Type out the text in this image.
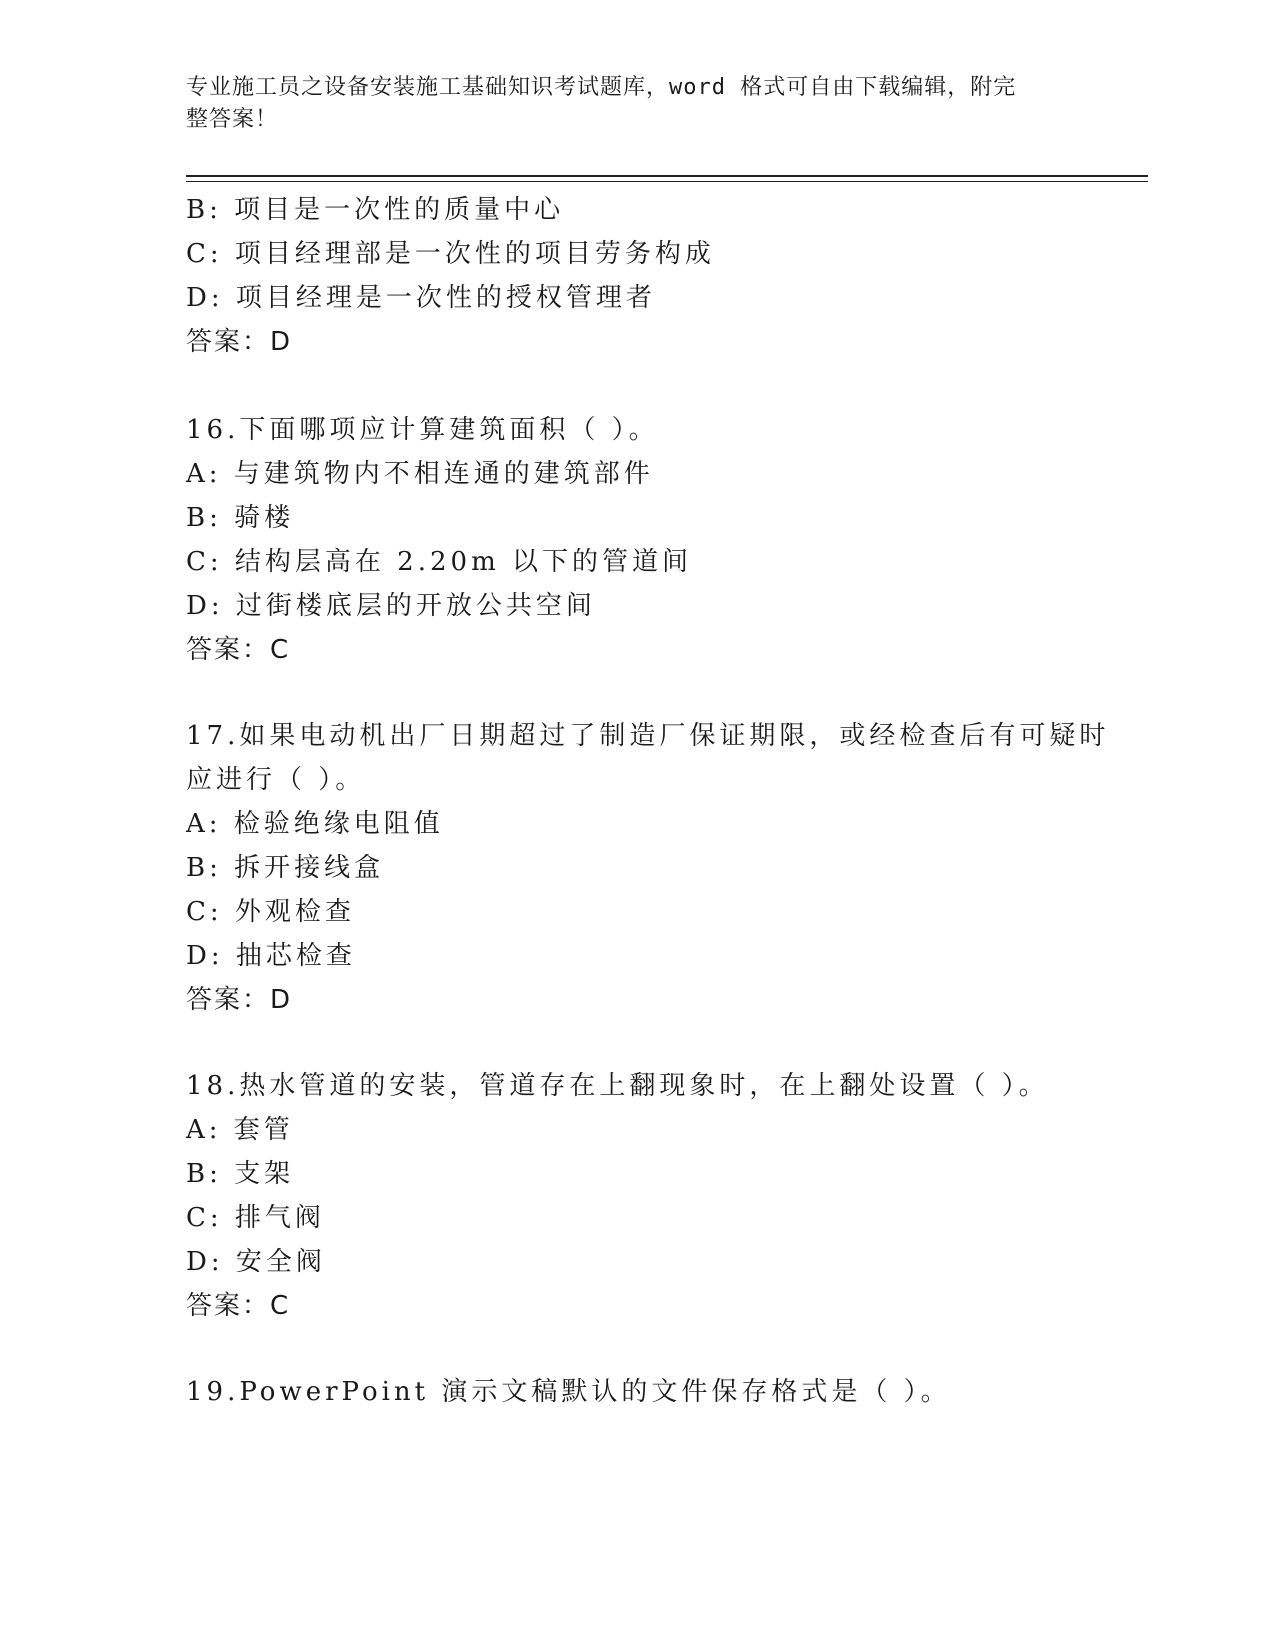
专业施工员之设备安装施工基础知识考试题库，word 格式可自由下载编辑，附完
整答案！
B: 项目是一次性的质量中心
C: 项目经理部是一次性的项目劳务构成
D: 项目经理是一次性的授权管理者
答案：D
16.下面哪项应计算建筑面积（ ）。
A: 与建筑物内不相连通的建筑部件
B: 骑楼
C: 结构层高在 2.20m 以下的管道间
D: 过街楼底层的开放公共空间
答案：C
17.如果电动机出厂日期超过了制造厂保证期限，或经检查后有可疑时
应进行（ ）。
A: 检验绝缘电阻值
B: 拆开接线盒
C: 外观检查
D: 抽芯检查
答案：D
18.热水管道的安装，管道存在上翻现象时，在上翻处设置（ ）。
A: 套管
B: 支架
C: 排气阀
D: 安全阀
答案：C
19.PowerPoint 演示文稿默认的文件保存格式是（ ）。
